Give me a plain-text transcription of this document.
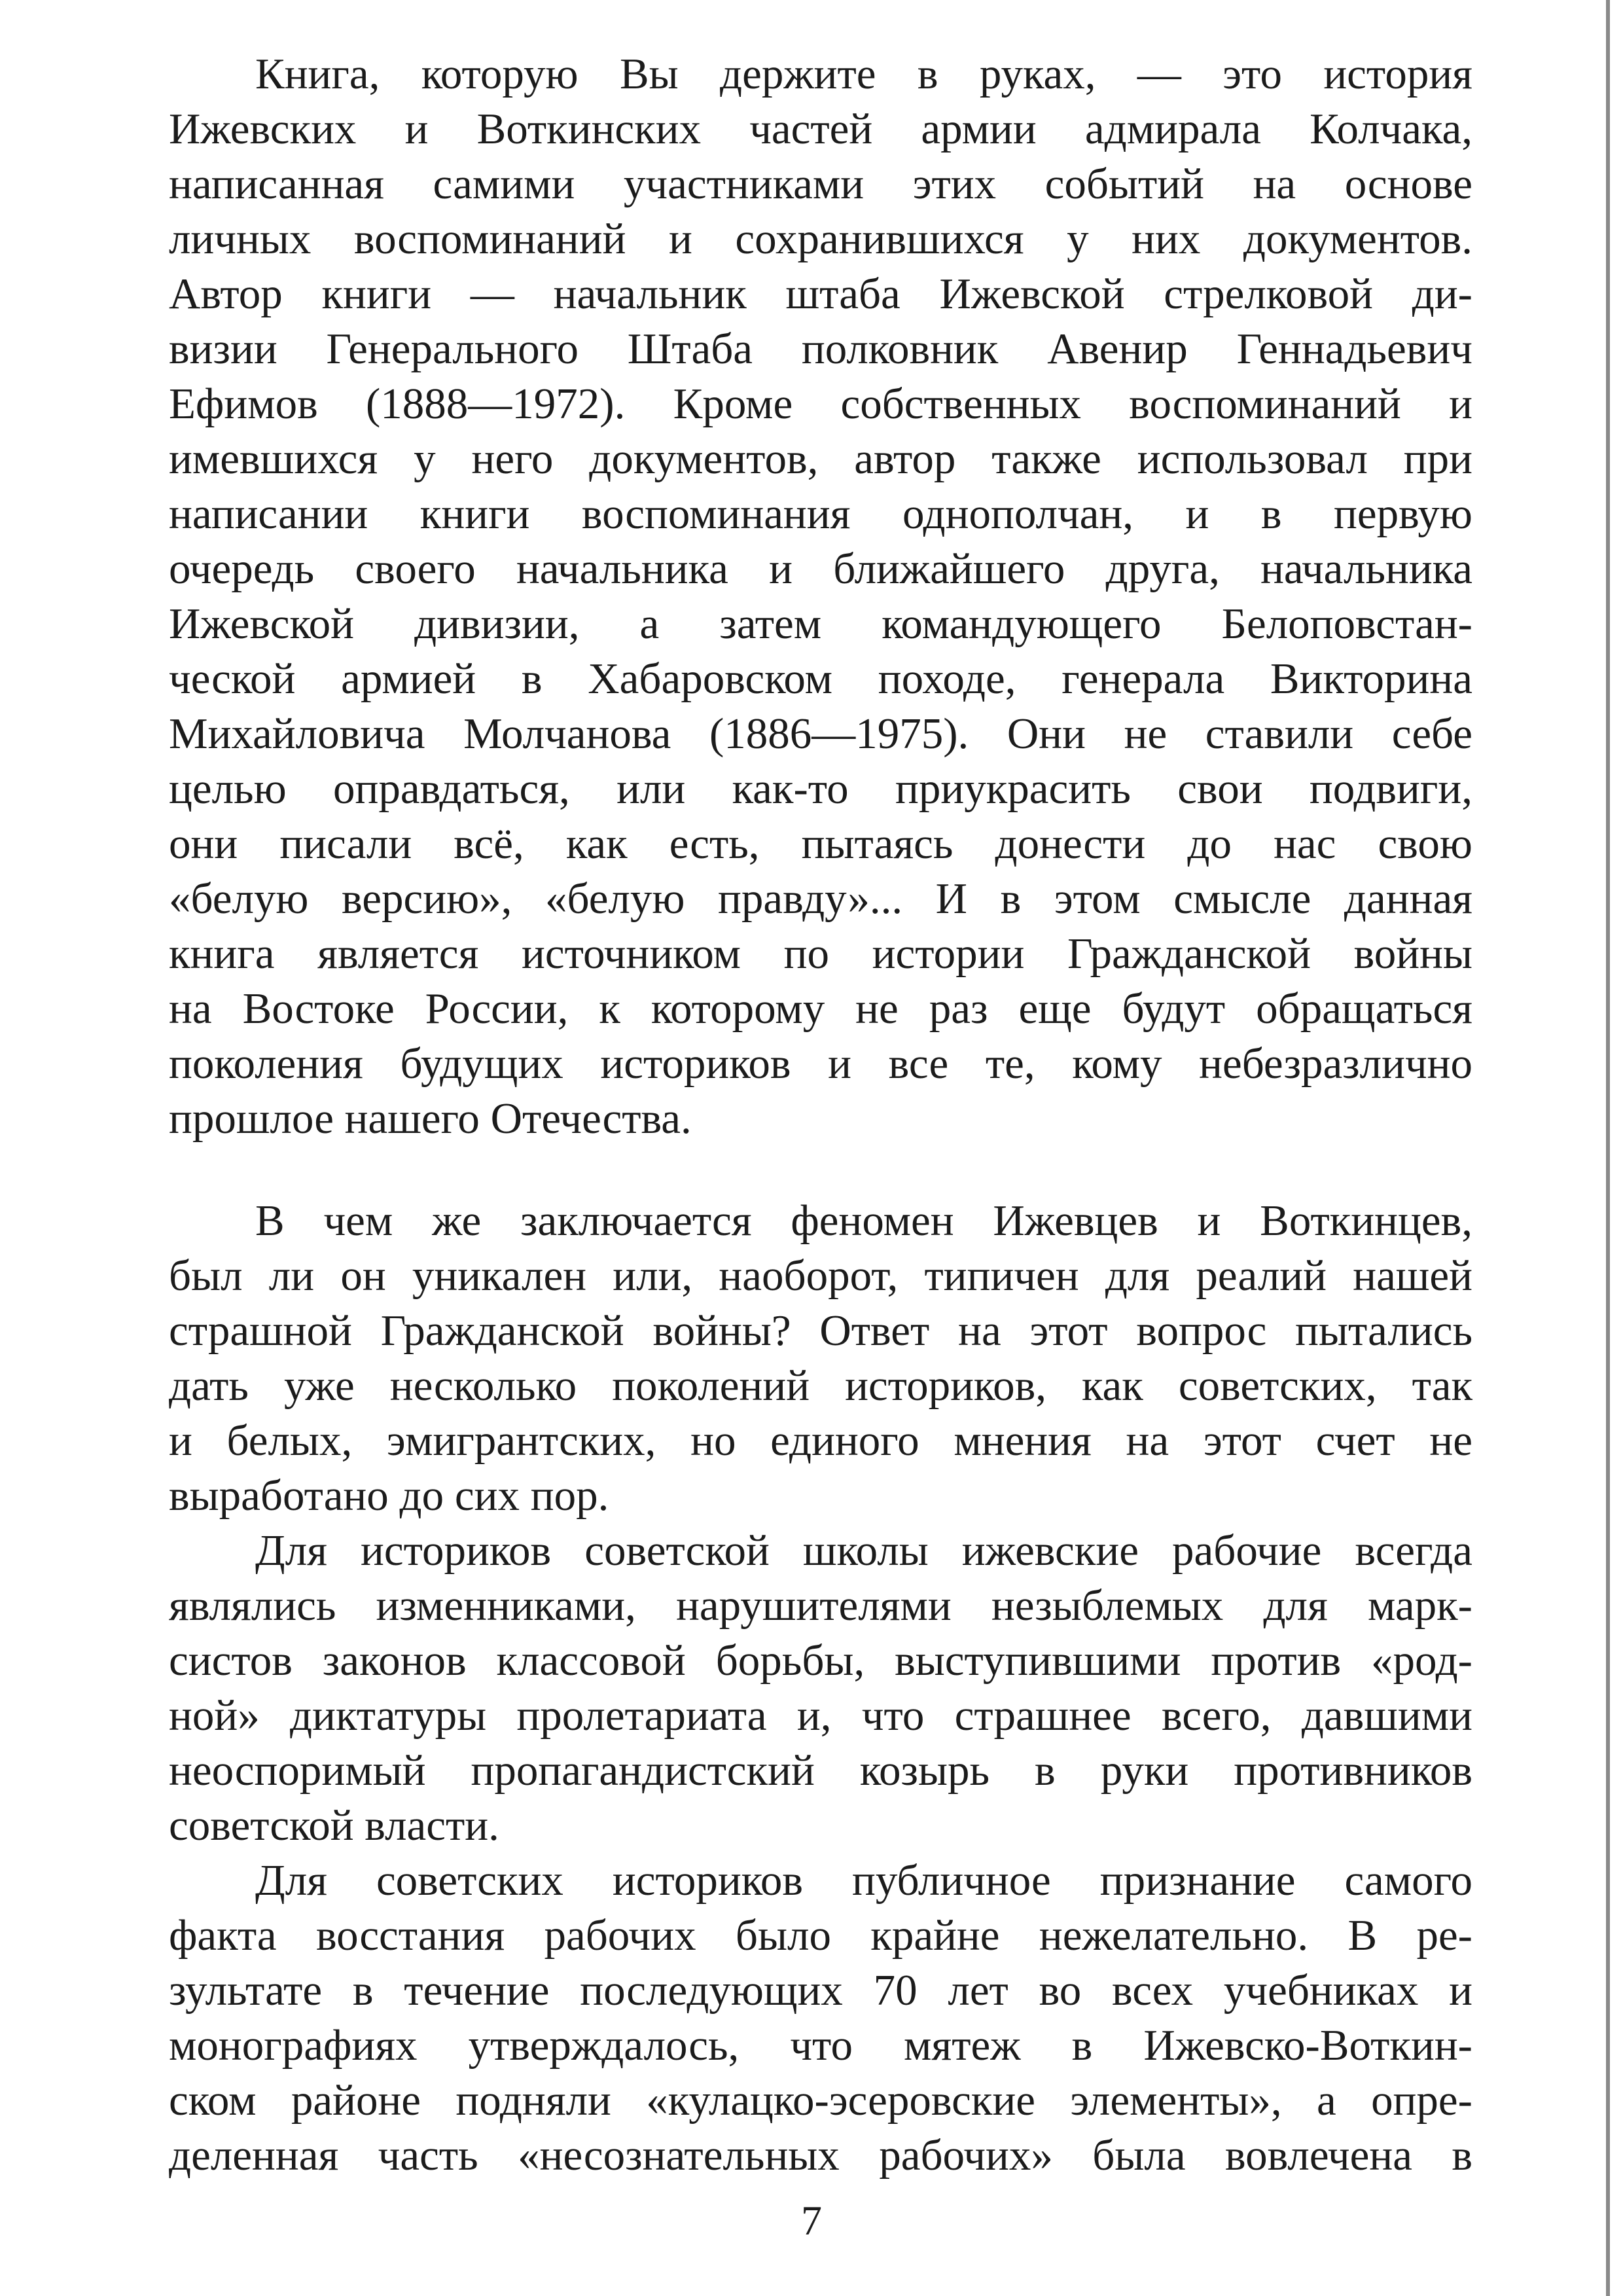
Книга, которую Вы держите в руках, — это история
Ижевских и Воткинских частей армии адмирала Колчака,
написанная самими участниками этих событий на основе
личных воспоминаний и сохранившихся у них документов.
Автор книги — начальник штаба Ижевской стрелковой ди-
визии Генерального Штаба полковник Авенир Геннадьевич
Ефимов (1888—1972). Кроме собственных воспоминаний и
имевшихся у него документов, автор также использовал при
написании книги воспоминания однополчан, и в первую
очередь своего начальника и ближайшего друга, начальника
Ижевской дивизии, а затем командующего Белоповстан-
ческой армией в Хабаровском походе, генерала Викторина
Михайловича Молчанова (1886—1975). Они не ставили себе
целью оправдаться, или как-то приукрасить свои подвиги,
они писали всё, как есть, пытаясь донести до нас свою
«белую версию», «белую правду»... И в этом смысле данная
книга является источником по истории Гражданской войны
на Востоке России, к которому не раз еще будут обращаться
поколения будущих историков и все те, кому небезразлично
прошлое нашего Отечества.
В чем же заключается феномен Ижевцев и Воткинцев,
был ли он уникален или, наоборот, типичен для реалий нашей
страшной Гражданской войны? Ответ на этот вопрос пытались
дать уже несколько поколений историков, как советских, так
и белых, эмигрантских, но единого мнения на этот счет не
выработано до сих пор.
Для историков советской школы ижевские рабочие всегда
являлись изменниками, нарушителями незыблемых для марк-
систов законов классовой борьбы, выступившими против «род-
ной» диктатуры пролетариата и, что страшнее всего, давшими
неоспоримый пропагандистский козырь в руки противников
советской власти.
Для советских историков публичное признание самого
факта восстания рабочих было крайне нежелательно. В ре-
зультате в течение последующих 70 лет во всех учебниках и
монографиях утверждалось, что мятеж в Ижевско-Воткин-
ском районе подняли «кулацко-эсеровские элементы», а опре-
деленная часть «несознательных рабочих» была вовлечена в
7
